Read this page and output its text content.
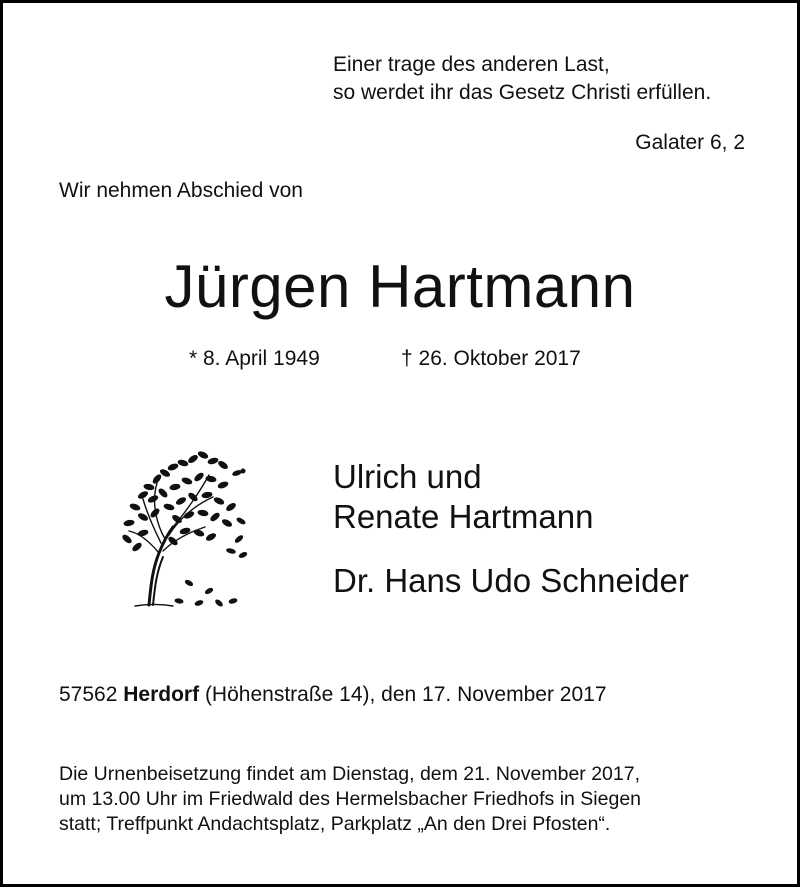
Einer trage des anderen Last,
so werdet ihr das Gesetz Christi erfüllen.
Galater 6, 2
Wir nehmen Abschied von
Jürgen Hartmann
* 8. April 1949	† 26. Oktober 2017
Ulrich und
Renate Hartmann
Dr. Hans Udo Schneider
57562 Herdorf (Höhenstraße 14), den 17. November 2017
Die Urnenbeisetzung findet am Dienstag, dem 21. November 2017,
um 13.00 Uhr im Friedwald des Hermelsbacher Friedhofs in Siegen
statt; Treffpunkt Andachtsplatz, Parkplatz „An den Drei Pfosten“.
